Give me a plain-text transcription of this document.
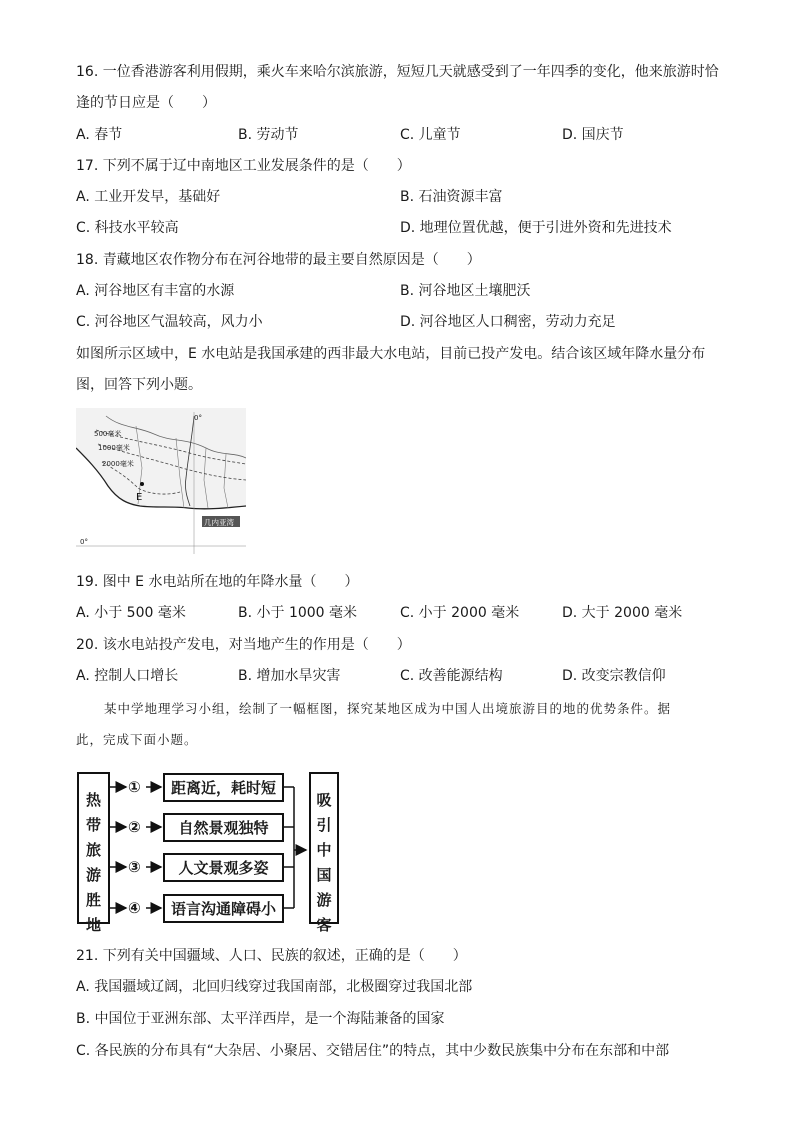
16. 一位香港游客利用假期，乘火车来哈尔滨旅游，短短几天就感受到了一年四季的变化，他来旅游时恰
逢的节日应是（　　）
A. 春节	B. 劳动节	C. 儿童节	D. 国庆节
17. 下列不属于辽中南地区工业发展条件的是（　　）
A. 工业开发早，基础好	B. 石油资源丰富
C. 科技水平较高	D. 地理位置优越，便于引进外资和先进技术
18. 青藏地区农作物分布在河谷地带的最主要自然原因是（　　）
A. 河谷地区有丰富的水源	B. 河谷地区土壤肥沃
C. 河谷地区气温较高，风力小	D. 河谷地区人口稠密，劳动力充足
如图所示区域中，E 水电站是我国承建的西非最大水电站，目前已投产发电。结合该区域年降水量分布
图，回答下列小题。
500毫米
1000毫米
2000毫米
E
几内亚湾
0°
0°
19. 图中 E 水电站所在地的年降水量（　　）
A. 小于 500 毫米	B. 小于 1000 毫米	C. 小于 2000 毫米	D. 大于 2000 毫米
20. 该水电站投产发电，对当地产生的作用是（　　）
A. 控制人口增长	B. 增加水旱灾害	C. 改善能源结构	D. 改变宗教信仰
某中学地理学习小组，绘制了一幅框图，探究某地区成为中国人出境旅游目的地的优势条件。据
此，完成下面小题。
热带旅游胜地
①
②
③
④
距离近，耗时短
自然景观独特
人文景观多姿
语言沟通障碍小
吸引中国游客
21. 下列有关中国疆域、人口、民族的叙述，正确的是（　　）
A. 我国疆域辽阔，北回归线穿过我国南部，北极圈穿过我国北部
B. 中国位于亚洲东部、太平洋西岸，是一个海陆兼备的国家
C. 各民族的分布具有“大杂居、小聚居、交错居住”的特点，其中少数民族集中分布在东部和中部
